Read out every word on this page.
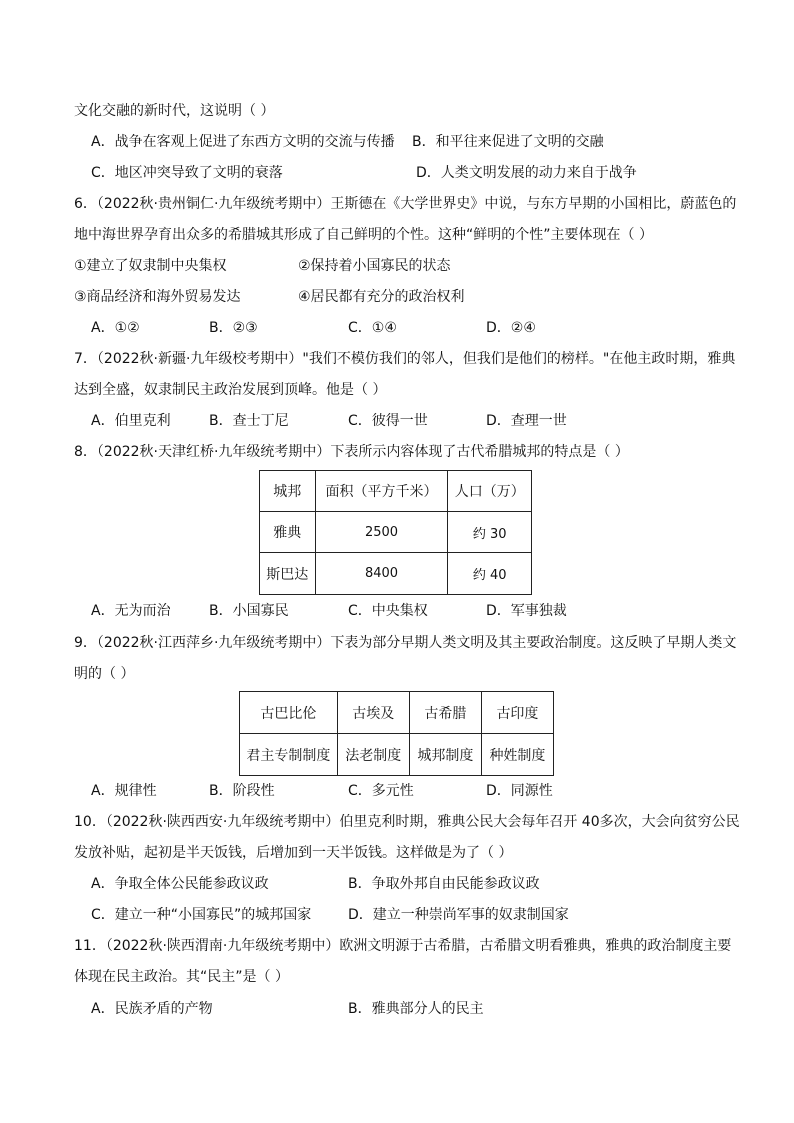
文化交融的新时代，这说明（ ）
A．战争在客观上促进了东西方文明的交流与传播 B．和平往来促进了文明的交融
C．地区冲突导致了文明的衰落	D．人类文明发展的动力来自于战争
6．（2022秋·贵州铜仁·九年级统考期中）王斯德在《大学世界史》中说，与东方早期的小国相比，蔚蓝色的
地中海世界孕育出众多的希腊城其形成了自己鲜明的个性。这种“鲜明的个性”主要体现在（ ）
①建立了奴隶制中央集权	②保持着小国寡民的状态
③商品经济和海外贸易发达	④居民都有充分的政治权利
A．①②	B．②③	C．①④	D．②④
7．（2022秋·新疆·九年级校考期中）"我们不模仿我们的邻人，但我们是他们的榜样。"在他主政时期，雅典
达到全盛，奴隶制民主政治发展到顶峰。他是（ ）
A．伯里克利	B．查士丁尼	C．彼得一世	D．查理一世
8．（2022秋·天津红桥·九年级统考期中）下表所示内容体现了古代希腊城邦的特点是（ ）
城邦	面积（平方千米）	人口（万）
雅典	2500	约 30
斯巴达	8400	约 40
A．无为而治	B．小国寡民	C．中央集权	D．军事独裁
9．（2022秋·江西萍乡·九年级统考期中）下表为部分早期人类文明及其主要政治制度。这反映了早期人类文
明的（ ）
古巴比伦	古埃及	古希腊	古印度
君主专制制度	法老制度	城邦制度	种姓制度
A．规律性	B．阶段性	C．多元性	D．同源性
10．（2022秋·陕西西安·九年级统考期中）伯里克利时期，雅典公民大会每年召开 40多次，大会向贫穷公民
发放补贴，起初是半天饭钱，后增加到一天半饭钱。这样做是为了（ ）
A．争取全体公民能参政议政	B．争取外邦自由民能参政议政
C．建立一种“小国寡民”的城邦国家	D．建立一种崇尚军事的奴隶制国家
11．（2022秋·陕西渭南·九年级统考期中）欧洲文明源于古希腊，古希腊文明看雅典，雅典的政治制度主要
体现在民主政治。其“民主”是（ ）
A．民族矛盾的产物	B．雅典部分人的民主
